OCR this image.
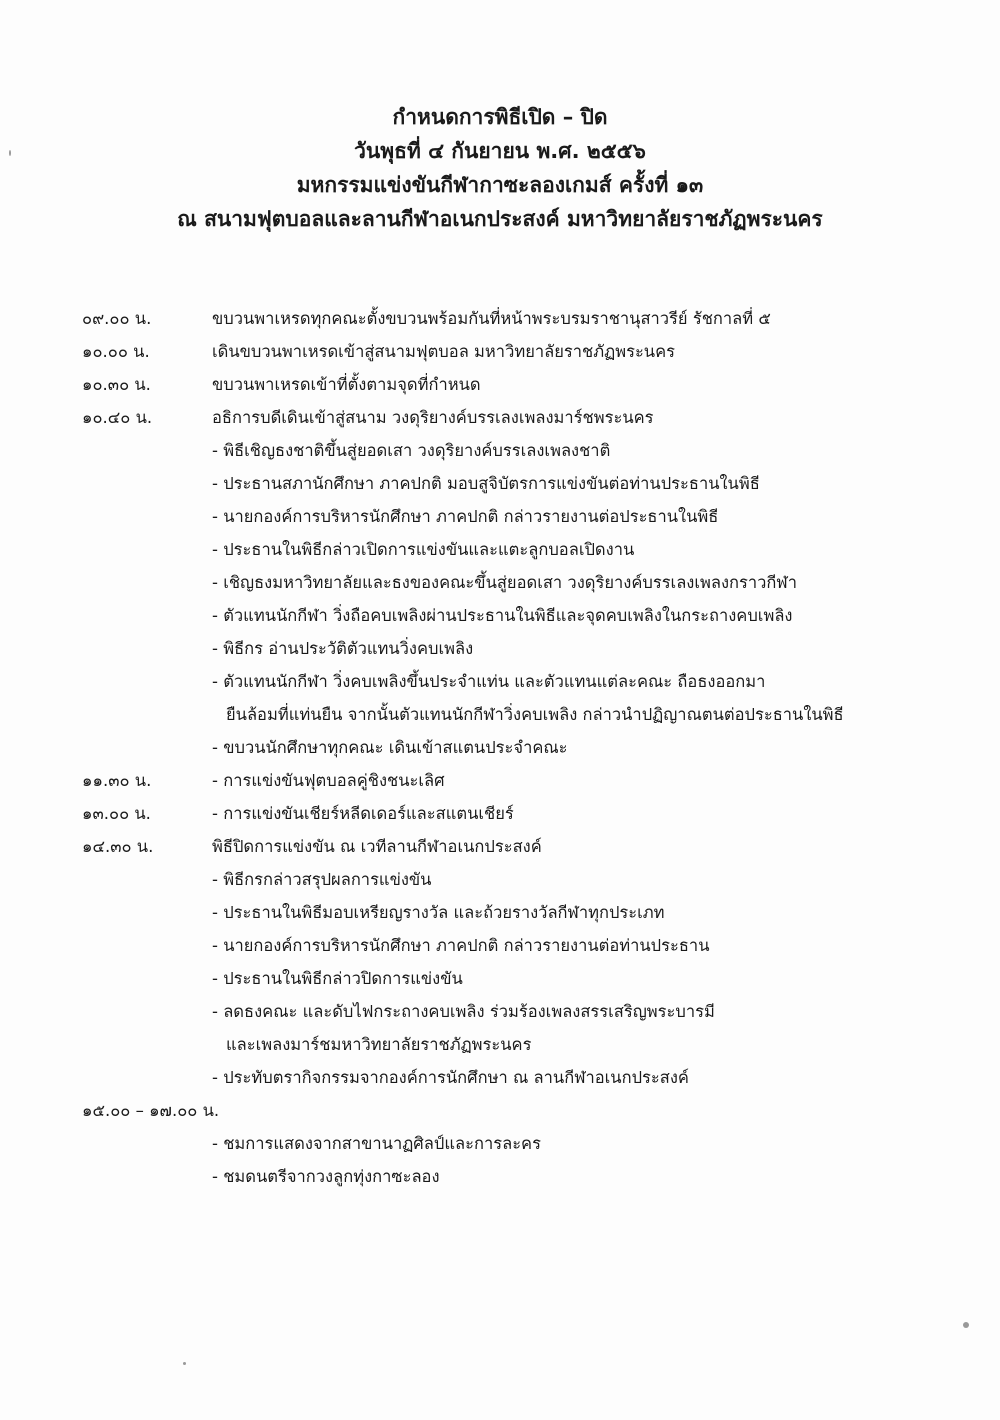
กำหนดการพิธีเปิด – ปิด
วันพุธที่ ๔ กันยายน พ.ศ. ๒๕๕๖
มหกรรมแข่งขันกีฬากาซะลองเกมส์ ครั้งที่ ๑๓
ณ สนามฟุตบอลและลานกีฬาอเนกประสงค์ มหาวิทยาลัยราชภัฏพระนคร
๐๙.๐๐ น.	ขบวนพาเหรดทุกคณะตั้งขบวนพร้อมกันที่หน้าพระบรมราชานุสาวรีย์ รัชกาลที่ ๕
๑๐.๐๐ น.	เดินขบวนพาเหรดเข้าสู่สนามฟุตบอล มหาวิทยาลัยราชภัฏพระนคร
๑๐.๓๐ น.	ขบวนพาเหรดเข้าที่ตั้งตามจุดที่กำหนด
๑๐.๔๐ น.	อธิการบดีเดินเข้าสู่สนาม วงดุริยางค์บรรเลงเพลงมาร์ชพระนคร
- พิธีเชิญธงชาติขึ้นสู่ยอดเสา วงดุริยางค์บรรเลงเพลงชาติ
- ประธานสภานักศึกษา ภาคปกติ มอบสูจิบัตรการแข่งขันต่อท่านประธานในพิธี
- นายกองค์การบริหารนักศึกษา ภาคปกติ กล่าวรายงานต่อประธานในพิธี
- ประธานในพิธีกล่าวเปิดการแข่งขันและแตะลูกบอลเปิดงาน
- เชิญธงมหาวิทยาลัยและธงของคณะขึ้นสู่ยอดเสา วงดุริยางค์บรรเลงเพลงกราวกีฬา
- ตัวแทนนักกีฬา วิ่งถือคบเพลิงผ่านประธานในพิธีและจุดคบเพลิงในกระถางคบเพลิง
- พิธีกร อ่านประวัติตัวแทนวิ่งคบเพลิง
- ตัวแทนนักกีฬา วิ่งคบเพลิงขึ้นประจำแท่น และตัวแทนแต่ละคณะ ถือธงออกมา
ยืนล้อมที่แท่นยืน จากนั้นตัวแทนนักกีฬาวิ่งคบเพลิง กล่าวนำปฏิญาณตนต่อประธานในพิธี
- ขบวนนักศึกษาทุกคณะ เดินเข้าสแตนประจำคณะ
๑๑.๓๐ น.	- การแข่งขันฟุตบอลคู่ชิงชนะเลิศ
๑๓.๐๐ น.	- การแข่งขันเชียร์หลีดเดอร์และสแตนเชียร์
๑๔.๓๐ น.	พิธีปิดการแข่งขัน ณ เวทีลานกีฬาอเนกประสงค์
- พิธีกรกล่าวสรุปผลการแข่งขัน
- ประธานในพิธีมอบเหรียญรางวัล และถ้วยรางวัลกีฬาทุกประเภท
- นายกองค์การบริหารนักศึกษา ภาคปกติ กล่าวรายงานต่อท่านประธาน
- ประธานในพิธีกล่าวปิดการแข่งขัน
- ลดธงคณะ และดับไฟกระถางคบเพลิง ร่วมร้องเพลงสรรเสริญพระบารมี
และเพลงมาร์ชมหาวิทยาลัยราชภัฏพระนคร
- ประทับตรากิจกรรมจากองค์การนักศึกษา ณ ลานกีฬาอเนกประสงค์
๑๕.๐๐ – ๑๗.๐๐ น.
- ชมการแสดงจากสาขานาฏศิลป์และการละคร
- ชมดนตรีจากวงลูกทุ่งกาซะลอง
